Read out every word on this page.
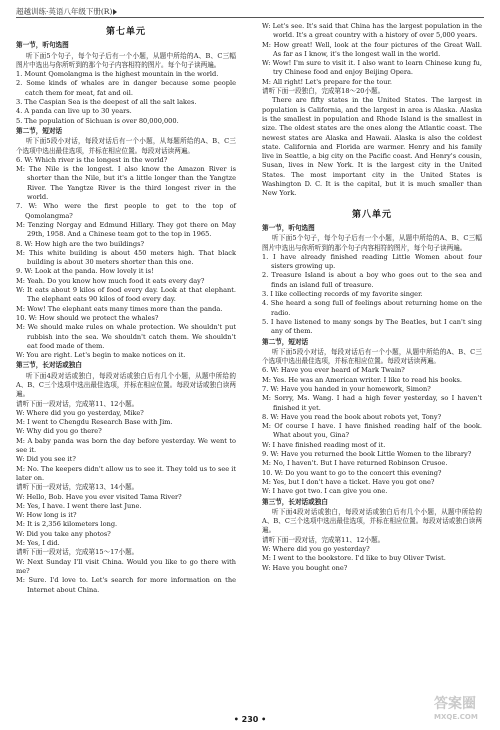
超越训练·英语八年级下册(R)
第七单元
第一节，听句选图
听下面5个句子，每个句子后有一个小题，从题中所给的A、B、C三幅图片中选出与你所听到的那个句子内容相符的图片。每个句子读两遍。
1. Mount Qomolangma is the highest mountain in the world.
2. Some kinds of whales are in danger because some people catch them for meat, fat and oil.
3. The Caspian Sea is the deepest of all the salt lakes.
4. A panda can live up to 30 years.
5. The population of Sichuan is over 80,000,000.
第二节，短对话
听下面5段小对话，每段对话后有一个小题，从每题所给的A、B、C三个选项中选出最佳选项，并标在相应位置。每段对话读两遍。
6. W: Which river is the longest in the world?
M: The Nile is the longest. I also know the Amazon River is shorter than the Nile, but it's a little longer than the Yangtze River. The Yangtze River is the third longest river in the world.
7. W: Who were the first people to get to the top of Qomolangma?
M: Tenzing Norgay and Edmund Hillary. They got there on May 29th, 1958. And a Chinese team got to the top in 1965.
8. W: How high are the two buildings?
M: This white building is about 450 meters high. That black building is about 30 meters shorter than this one.
9. W: Look at the panda. How lovely it is!
M: Yeah. Do you know how much food it eats every day?
W: It eats about 9 kilos of food every day. Look at that elephant. The elephant eats 90 kilos of food every day.
M: Wow! The elephant eats many times more than the panda.
10. W: How should we protect the whales?
M: We should make rules on whale protection. We shouldn't put rubbish into the sea. We shouldn't catch them. We shouldn't eat food made of them.
W: You are right. Let's begin to make notices on it.
第三节，长对话或独白
听下面4段对话或独白，每段对话或独白后有几个小题，从题中所给的A、B、C三个选项中选出最佳选项，并标在相应位置。每段对话或独白读两遍。
请听下面一段对话，完成第11、12小题。
W: Where did you go yesterday, Mike?
M: I went to Chengdu Research Base with Jim.
W: Why did you go there?
M: A baby panda was born the day before yesterday. We went to see it.
W: Did you see it?
M: No. The keepers didn't allow us to see it. They told us to see it later on.
请听下面一段对话，完成第13、14小题。
W: Hello, Bob. Have you ever visited Tama River?
M: Yes, I have. I went there last June.
W: How long is it?
M: It is 2,356 kilometers long.
W: Did you take any photos?
M: Yes, I did.
请听下面一段对话，完成第15～17小题。
W: Next Sunday I'll visit China. Would you like to go there with me?
M: Sure. I'd love to. Let's search for more information on the Internet about China.
W: Let's see. It's said that China has the largest population in the world. It's a great country with a history of over 5,000 years.
M: How great! Well, look at the four pictures of the Great Wall. As far as I know, it's the longest wall in the world.
W: Wow! I'm sure to visit it. I also want to learn Chinese kung fu, try Chinese food and enjoy Beijing Opera.
M: All right! Let's prepare for the tour.
请听下面一段独白，完成第18～20小题。
There are fifty states in the United States. The largest in population is California, and the largest in area is Alaska. Alaska is the smallest in population and Rhode Island is the smallest in size. The oldest states are the ones along the Atlantic coast. The newest states are Alaska and Hawaii. Alaska is also the coldest state. California and Florida are warmer. Henry and his family live in Seattle, a big city on the Pacific coast. And Henry's cousin, Susan, lives in New York. It is the largest city in the United States. The most important city in the United States is Washington D. C. It is the capital, but it is much smaller than New York.
第八单元
第一节，听句选图
听下面5个句子，每个句子后有一个小题，从题中所给的A、B、C三幅图片中选出与你所听到的那个句子内容相符的图片，每个句子读两遍。
1. I have already finished reading Little Women about four sisters growing up.
2. Treasure Island is about a boy who goes out to the sea and finds an island full of treasure.
3. I like collecting records of my favorite singer.
4. She heard a song full of feelings about returning home on the radio.
5. I have listened to many songs by The Beatles, but I can't sing any of them.
第二节，短对话
听下面5段小对话，每段对话后有一个小题，从题中所给的A、B、C三个选项中选出最佳选项，并标在相应位置。每段对话读两遍。
6. W: Have you ever heard of Mark Twain?
M: Yes. He was an American writer. I like to read his books.
7. W: Have you handed in your homework, Simon?
M: Sorry, Ms. Wang. I had a high fever yesterday, so I haven't finished it yet.
8. W: Have you read the book about robots yet, Tony?
M: Of course I have. I have finished reading half of the book. What about you, Gina?
W: I have finished reading most of it.
9. W: Have you returned the book Little Women to the library?
M: No, I haven't. But I have returned Robinson Crusoe.
10. W: Do you want to go to the concert this evening?
M: Yes, but I don't have a ticket. Have you got one?
W: I have got two. I can give you one.
第三节，长对话或独白
听下面4段对话或独白，每段对话或独白后有几个小题，从题中所给的A、B、C三个选项中选出最佳选项，并标在相应位置。每段对话或独白读两遍。
请听下面一段对话，完成第11、12小题。
W: Where did you go yesterday?
M: I went to the bookstore. I'd like to buy Oliver Twist.
W: Have you bought one?
• 230 •
答案圈
MXQE.COM
